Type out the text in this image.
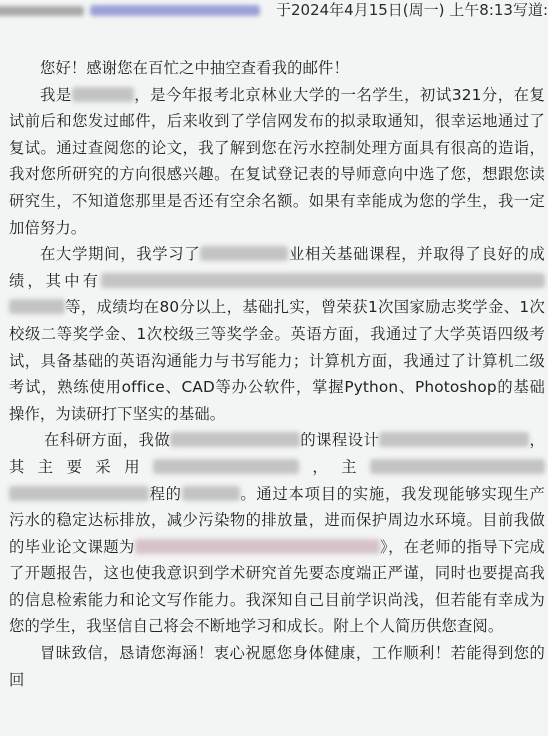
于2024年4月15日(周一) 上午8:13写道:

您好！感谢您在百忙之中抽空查看我的邮件！

我是	，是今年报考北京林业大学的一名学生，初试321分，在复试前后和您发过邮件，后来收到了学信网发布的拟录取通知，很幸运地通过了复试。通过查阅您的论文，我了解到您在污水控制处理方面具有很高的造诣，我对您所研究的方向很感兴趣。在复试登记表的导师意向中选了您，想跟您读研究生，不知道您那里是否还有空余名额。如果有幸能成为您的学生，我一定加倍努力。

在大学期间，我学习了	业相关基础课程，并取得了良好的成绩，其中有等，成绩均在80分以上，基础扎实，曾荣获1次国家励志奖学金、1次校级二等奖学金、1次校级三等奖学金。英语方面，我通过了大学英语四级考试，具备基础的英语沟通能力与书写能力；计算机方面，我通过了计算机二级考试，熟练使用office、CAD等办公软件，掌握Python、Photoshop的基础操作，为读研打下坚实的基础。

在科研方面，我做	的课程设计	，其主要采用	，主程的	。通过本项目的实施，我发现能够实现生产污水的稳定达标排放，减少污染物的排放量，进而保护周边水环境。目前我做的毕业论文课题为	》，在老师的指导下完成了开题报告，这也使我意识到学术研究首先要态度端正严谨，同时也要提高我的信息检索能力和论文写作能力。我深知自己目前学识尚浅，但若能有幸成为您的学生，我坚信自己将会不断地学习和成长。附上个人简历供您查阅。

冒昧致信，恳请您海涵！衷心祝愿您身体健康，工作顺利！若能得到您的回
